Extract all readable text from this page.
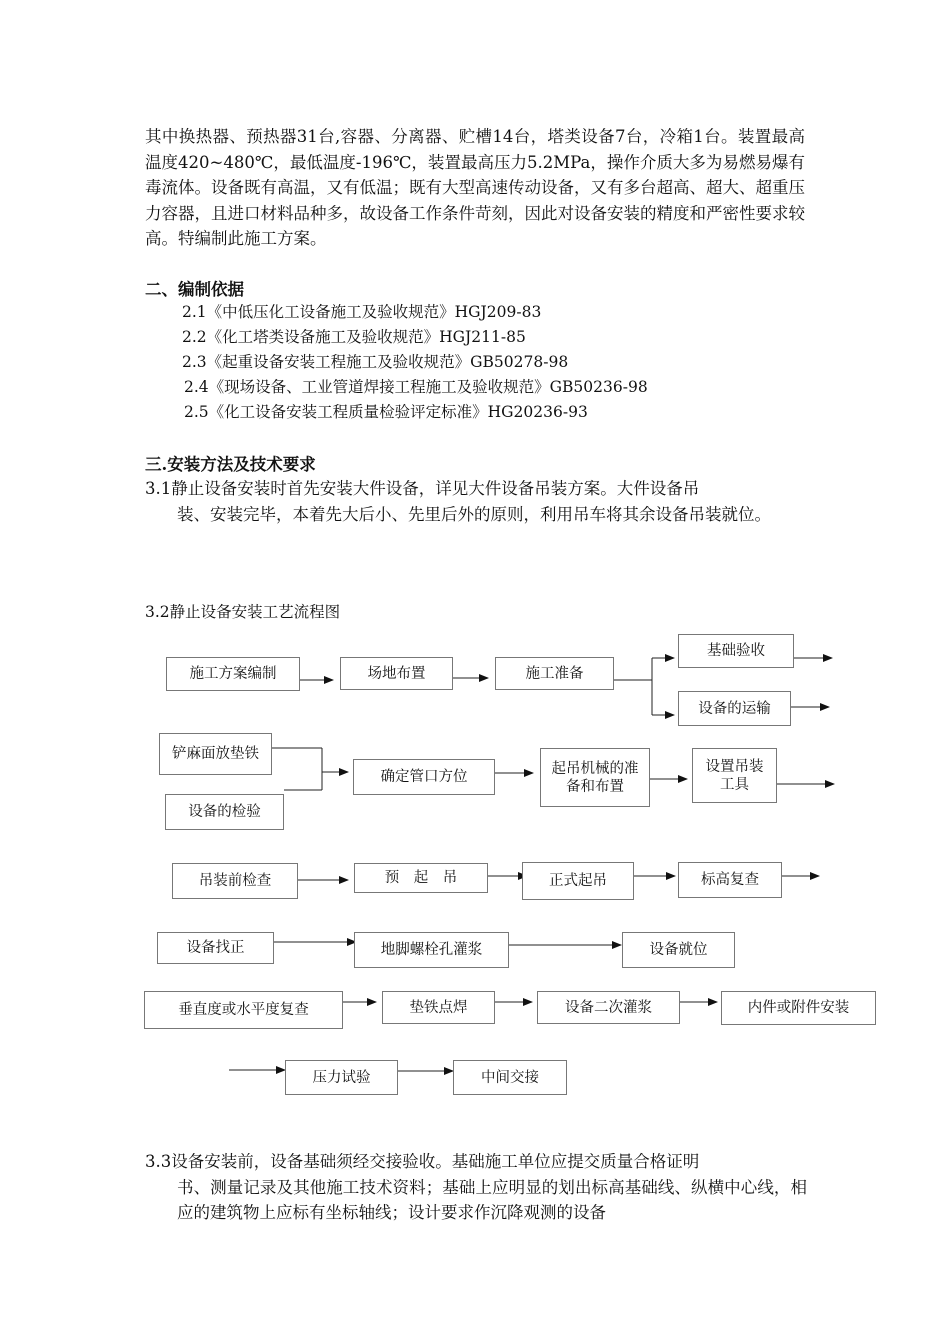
其中换热器、预热器31台,容器、分离器、贮槽14台，塔类设备7台，冷箱1台。装置最高温度420~480℃，最低温度-196℃，装置最高压力5.2MPa，操作介质大多为易燃易爆有毒流体。设备既有高温，又有低温；既有大型高速传动设备，又有多台超高、超大、超重压力容器，且进口材料品种多，故设备工作条件苛刻，因此对设备安装的精度和严密性要求较高。特编制此施工方案。

二、编制依据
2.1《中低压化工设备施工及验收规范》HGJ209-83
2.2《化工塔类设备施工及验收规范》HGJ211-85
2.3《起重设备安装工程施工及验收规范》GB50278-98
2.4《现场设备、工业管道焊接工程施工及验收规范》GB50236-98
2.5《化工设备安装工程质量检验评定标准》HG20236-93
三.安装方法及技术要求
3.1静止设备安装时首先安装大件设备，详见大件设备吊装方案。大件设备吊
装、安装完毕，本着先大后小、先里后外的原则，利用吊车将其余设备吊装就位。
3.2静止设备安装工艺流程图
施工方案编制	场地布置	施工准备
基础验收
设备的运输
铲麻面放垫铁
设备的检验
确定管口方位
起吊机械的准备和布置
设置吊装工具
吊装前检查	预　起　吊	正式起吊	标高复查
设备找正	地脚螺栓孔灌浆	设备就位
垂直度或水平度复查	垫铁点焊	设备二次灌浆	内件或附件安装
压力试验	中间交接
3.3设备安装前，设备基础须经交接验收。基础施工单位应提交质量合格证明
书、测量记录及其他施工技术资料；基础上应明显的划出标高基础线、纵横中心线，相应的建筑物上应标有坐标轴线；设计要求作沉降观测的设备
